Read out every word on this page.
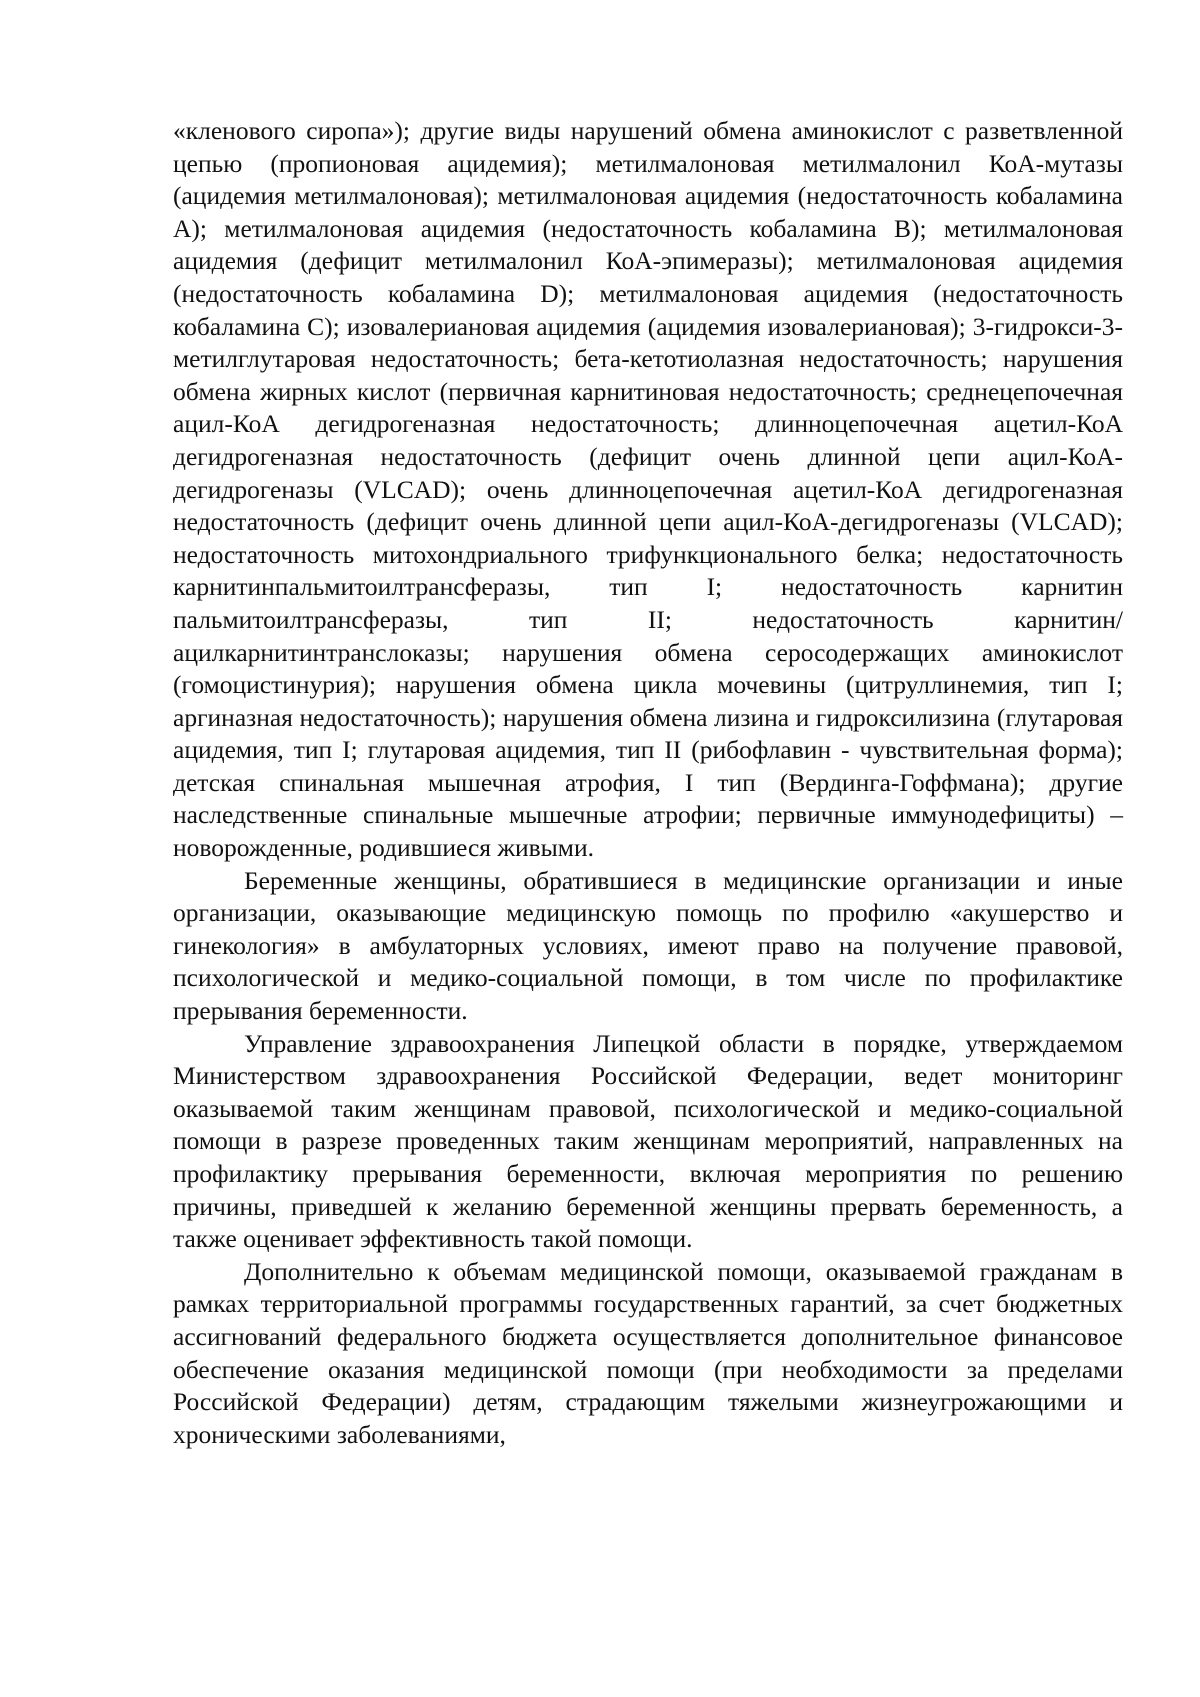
«кленового сиропа»); другие виды нарушений обмена аминокислот с разветвленной цепью (пропионовая ацидемия); метилмалоновая метилмалонил КоА-мутазы (ацидемия метилмалоновая); метилмалоновая ацидемия (недостаточность кобаламина А); метилмалоновая ацидемия (недостаточность кобаламина В); метилмалоновая ацидемия (дефицит метилмалонил КоА-эпимеразы); метилмалоновая ацидемия (недостаточность кобаламина D); метилмалоновая ацидемия (недостаточность кобаламина С); изовалериановая ацидемия (ацидемия изовалериановая); 3-гидрокси-3-метилглутаровая недостаточность; бета-кетотиолазная недостаточность; нарушения обмена жирных кислот (первичная карнитиновая недостаточность; среднецепочечная ацил-КоА дегидрогеназная недостаточность; длинноцепочечная ацетил-КоА дегидрогеназная недостаточность (дефицит очень длинной цепи ацил-КоА-дегидрогеназы (VLCAD); очень длинноцепочечная ацетил-КоА дегидрогеназная недостаточность (дефицит очень длинной цепи ацил-КоА-дегидрогеназы (VLCAD); недостаточность митохондриального трифункционального белка; недостаточность карнитинпальмитоилтрансферазы, тип I; недостаточность карнитин пальмитоилтрансферазы, тип II; недостаточность карнитин/ацилкарнитинтранслоказы; нарушения обмена серосодержащих аминокислот (гомоцистинурия); нарушения обмена цикла мочевины (цитруллинемия, тип I; аргиназная недостаточность); нарушения обмена лизина и гидроксилизина (глутаровая ацидемия, тип I; глутаровая ацидемия, тип II (рибофлавин - чувствительная форма); детская спинальная мышечная атрофия, I тип (Вердинга-Гоффмана); другие наследственные спинальные мышечные атрофии; первичные иммунодефициты) – новорожденные, родившиеся живыми.

Беременные женщины, обратившиеся в медицинские организации и иные организации, оказывающие медицинскую помощь по профилю «акушерство и гинекология» в амбулаторных условиях, имеют право на получение правовой, психологической и медико-социальной помощи, в том числе по профилактике прерывания беременности.

Управление здравоохранения Липецкой области в порядке, утверждаемом Министерством здравоохранения Российской Федерации, ведет мониторинг оказываемой таким женщинам правовой, психологической и медико-социальной помощи в разрезе проведенных таким женщинам мероприятий, направленных на профилактику прерывания беременности, включая мероприятия по решению причины, приведшей к желанию беременной женщины прервать беременность, а также оценивает эффективность такой помощи.

Дополнительно к объемам медицинской помощи, оказываемой гражданам в рамках территориальной программы государственных гарантий, за счет бюджетных ассигнований федерального бюджета осуществляется дополнительное финансовое обеспечение оказания медицинской помощи (при необходимости за пределами Российской Федерации) детям, страдающим тяжелыми жизнеугрожающими и хроническими заболеваниями,
